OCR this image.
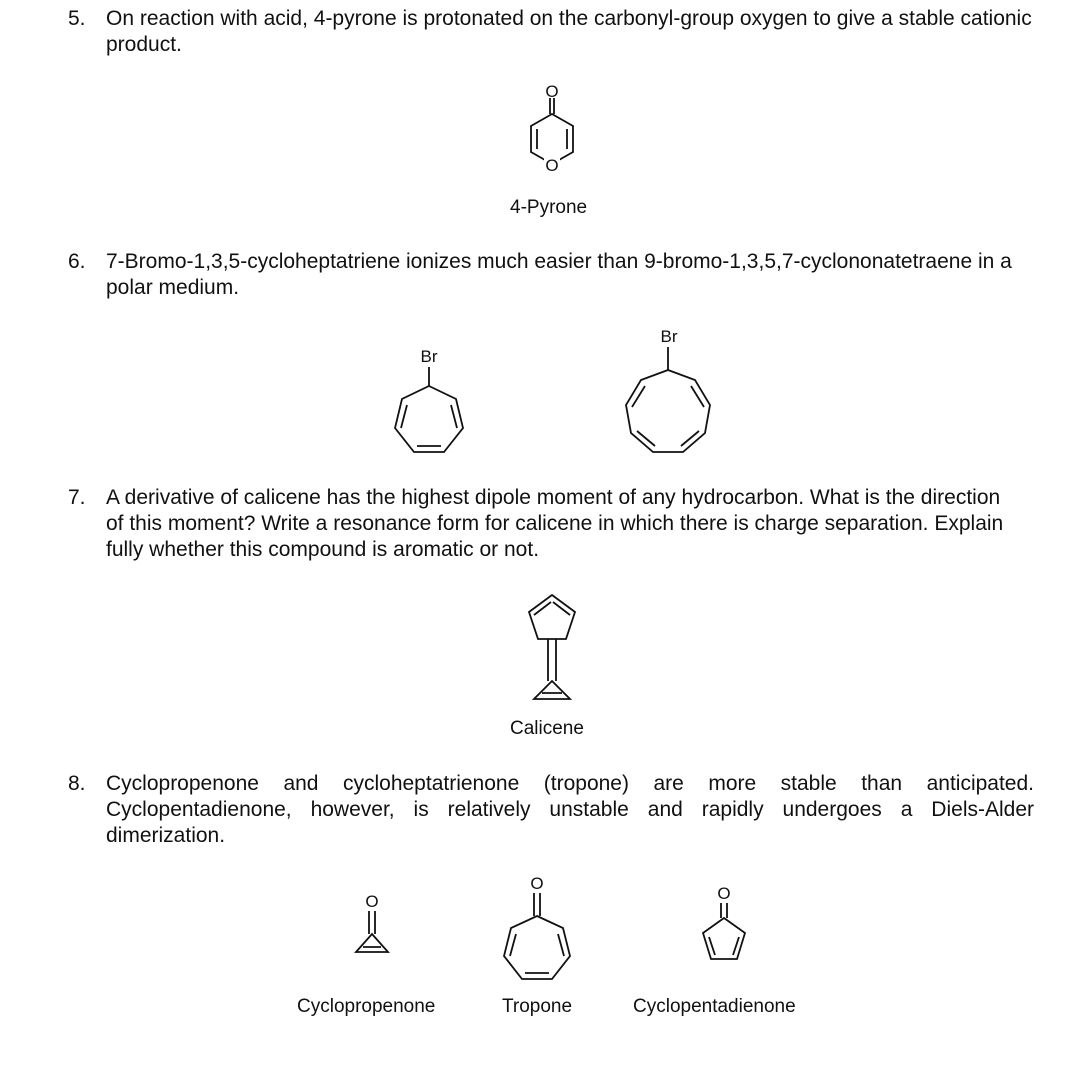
5. On reaction with acid, 4-pyrone is protonated on the carbonyl-group oxygen to give a stable cationic product.
O
O
4-Pyrone
6. 7-Bromo-1,3,5-cycloheptatriene ionizes much easier than 9-bromo-1,3,5,7-cyclononatetraene in a polar medium.
Br
Br
7. A derivative of calicene has the highest dipole moment of any hydrocarbon. What is the direction of this moment? Write a resonance form for calicene in which there is charge separation. Explain fully whether this compound is aromatic or not.
Calicene
8. Cyclopropenone and cycloheptatrienone (tropone) are more stable than anticipated. Cyclopentadienone, however, is relatively unstable and rapidly undergoes a Diels-Alder dimerization.
O
O
O
Cyclopropenone	Tropone	Cyclopentadienone
